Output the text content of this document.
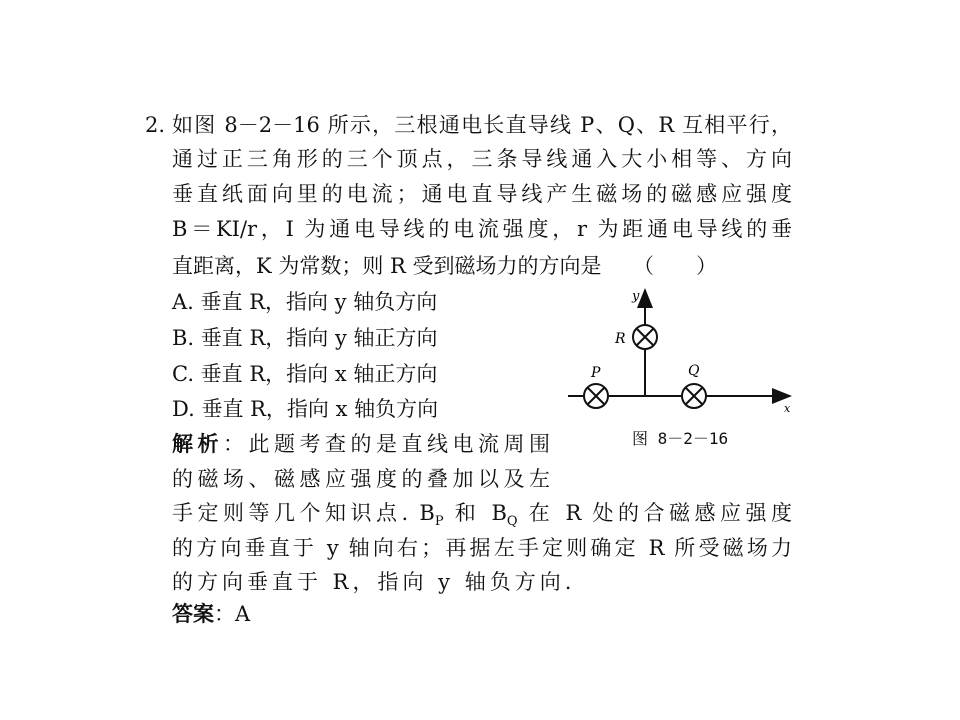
2. 如图 8－2－16 所示，三根通电长直导线 P、Q、R 互相平行，
通过正三角形的三个顶点，三条导线通入大小相等、方向
垂直纸面向里的电流；通电直导线产生磁场的磁感应强度
B＝KI/r，I 为通电导线的电流强度，r 为距通电导线的垂
直距离，K 为常数；则 R 受到磁场力的方向是　　（　　）
A. 垂直 R，指向 y 轴负方向
B. 垂直 R，指向 y 轴正方向
C. 垂直 R，指向 x 轴正方向
D. 垂直 R，指向 x 轴负方向
y
x
R
P	Q
图 8－2－16
解析：此题考查的是直线电流周围
的磁场、磁感应强度的叠加以及左
手定则等几个知识点. $B_P$ 和 $B_Q$ 在 R 处的合磁感应强度
的方向垂直于 y 轴向右；再据左手定则确定 R 所受磁场力
的方向垂直于 R，指向 y 轴负方向.
答案：A
